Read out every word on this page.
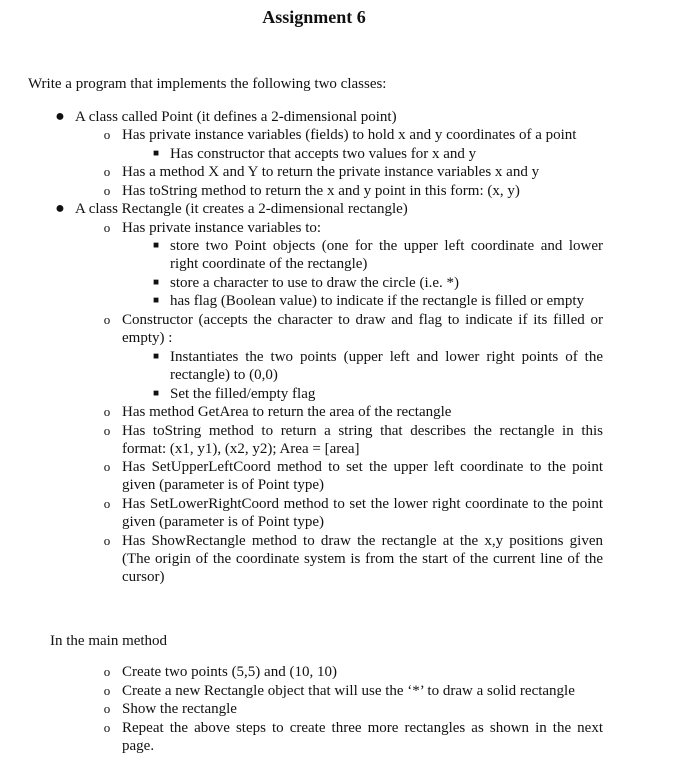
Assignment 6
Write a program that implements the following two classes:
● A class called Point (it defines a 2-dimensional point)
o Has private instance variables (fields) to hold x and y coordinates of a point
■ Has constructor that accepts two values for x and y
o Has a method X and Y to return the private instance variables x and y
o Has toString method to return the x and y point in this form: (x, y)
● A class Rectangle (it creates a 2-dimensional rectangle)
o Has private instance variables to:
■ store two Point objects (one for the upper left coordinate and lower right coordinate of the rectangle)
■ store a character to use to draw the circle (i.e. *)
■ has flag (Boolean value) to indicate if the rectangle is filled or empty
o Constructor (accepts the character to draw and flag to indicate if its filled or empty) :
■ Instantiates the two points (upper left and lower right points of the rectangle) to (0,0)
■ Set the filled/empty flag
o Has method GetArea to return the area of the rectangle
o Has toString method to return a string that describes the rectangle in this format: (x1, y1), (x2, y2); Area = [area]
o Has SetUpperLeftCoord method to set the upper left coordinate to the point given (parameter is of Point type)
o Has SetLowerRightCoord method to set the lower right coordinate to the point given (parameter is of Point type)
o Has ShowRectangle method to draw the rectangle at the x,y positions given (The origin of the coordinate system is from the start of the current line of the cursor)
In the main method
o Create two points (5,5) and (10, 10)
o Create a new Rectangle object that will use the ‘*’ to draw a solid rectangle
o Show the rectangle
o Repeat the above steps to create three more rectangles as shown in the next page.
